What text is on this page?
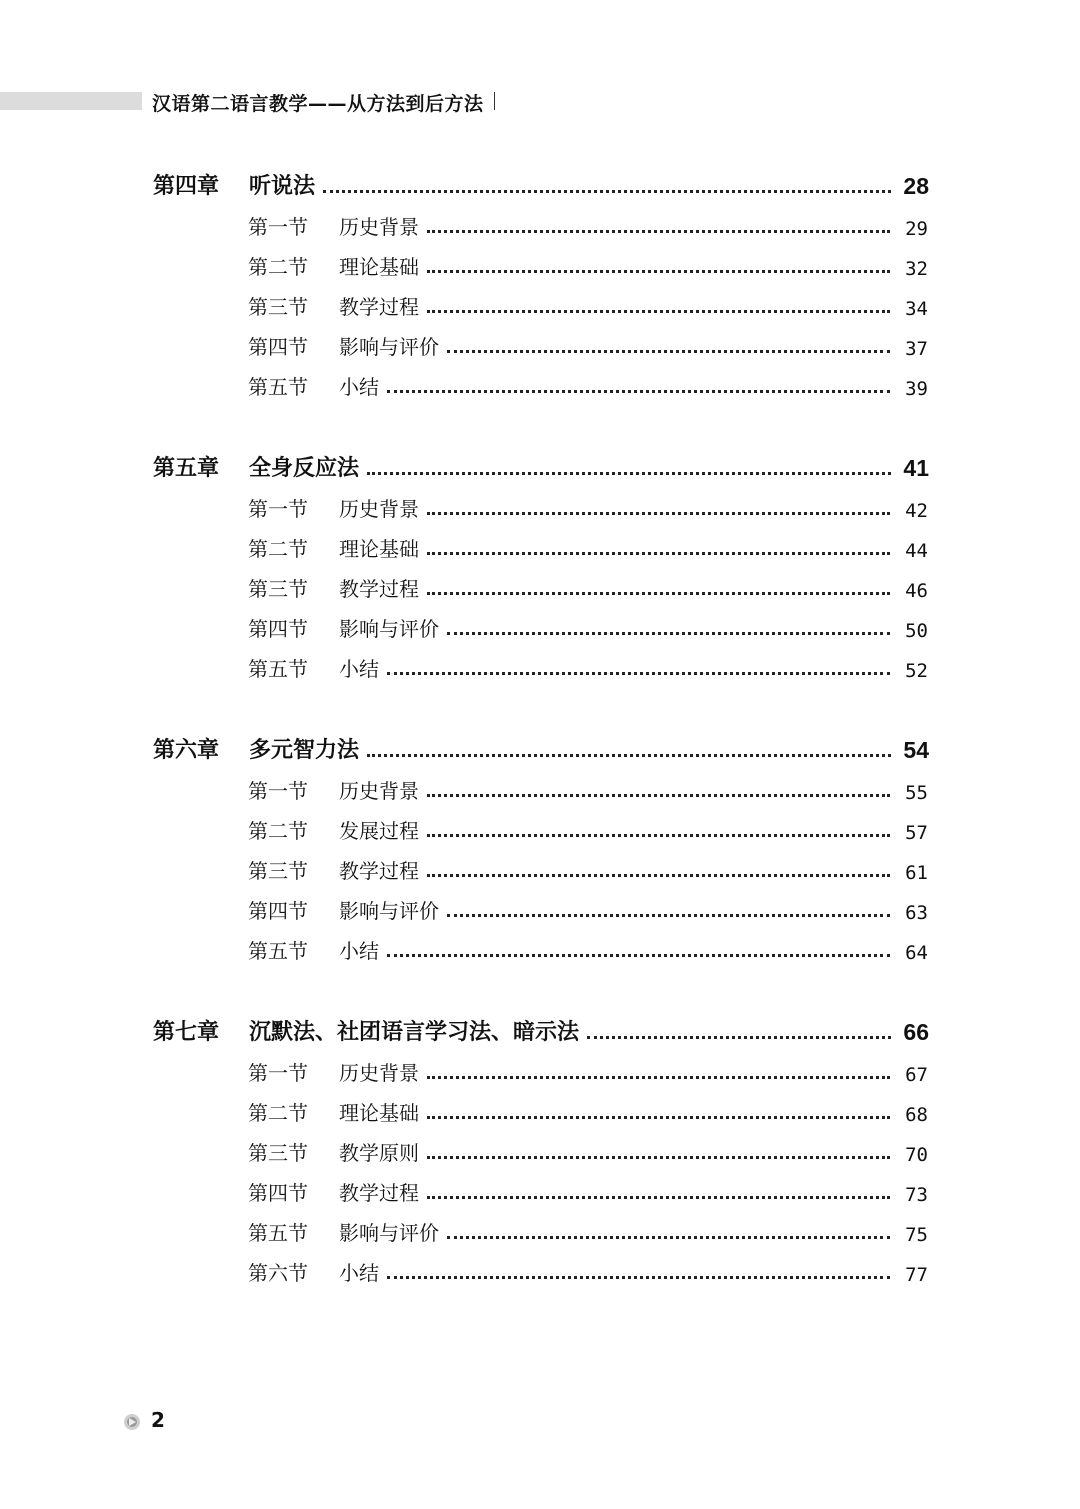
汉语第二语言教学——从方法到后方法
第四章	听说法	28
第一节	历史背景	29
第二节	理论基础	32
第三节	教学过程	34
第四节	影响与评价	37
第五节	小结	39
第五章	全身反应法	41
第一节	历史背景	42
第二节	理论基础	44
第三节	教学过程	46
第四节	影响与评价	50
第五节	小结	52
第六章	多元智力法	54
第一节	历史背景	55
第二节	发展过程	57
第三节	教学过程	61
第四节	影响与评价	63
第五节	小结	64
第七章	沉默法、社团语言学习法、暗示法	66
第一节	历史背景	67
第二节	理论基础	68
第三节	教学原则	70
第四节	教学过程	73
第五节	影响与评价	75
第六节	小结	77
2
